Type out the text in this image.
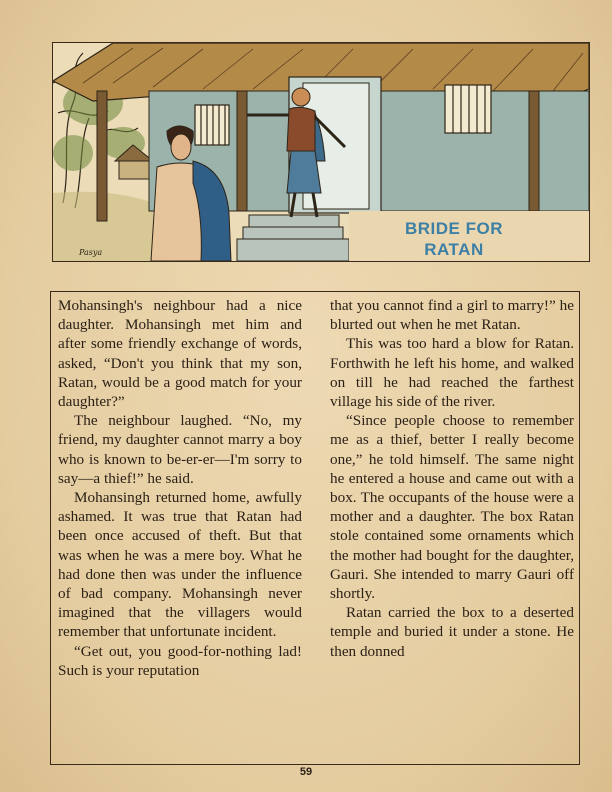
Pasya
BRIDE FOR
RATAN

Mohansingh's neighbour had a nice daughter. Mohansingh met him and after some friendly exchange of words, asked, “Don't you think that my son, Ratan, would be a good match for your daughter?”

The neighbour laughed. “No, my friend, my daughter cannot marry a boy who is known to be-er-er—I'm sorry to say—a thief!” he said.

Mohansingh returned home, awfully ashamed. It was true that Ratan had been once accused of theft. But that was when he was a mere boy. What he had done then was under the influence of bad company. Mohansingh never imagined that the villagers would remember that unfortunate incident.

“Get out, you good-for-nothing lad! Such is your reputation

that you cannot find a girl to marry!” he blurted out when he met Ratan.

This was too hard a blow for Ratan. Forthwith he left his home, and walked on till he had reached the farthest village his side of the river.

“Since people choose to remember me as a thief, better I really become one,” he told himself. The same night he entered a house and came out with a box. The occupants of the house were a mother and a daughter. The box Ratan stole contained some ornaments which the mother had bought for the daughter, Gauri. She intended to marry Gauri off shortly.

Ratan carried the box to a deserted temple and buried it under a stone. He then donned

59
